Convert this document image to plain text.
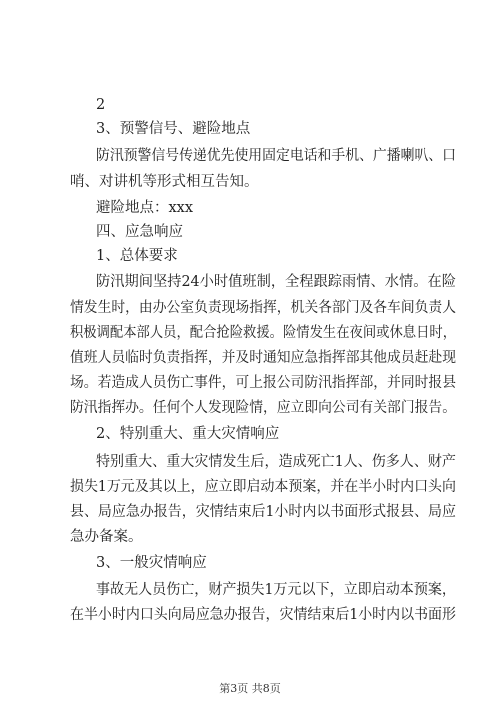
2
3、预警信号、避险地点
防汛预警信号传递优先使用固定电话和手机、广播喇叭、口
哨、对讲机等形式相互告知。
避险地点：xxx
四、应急响应
1、总体要求
防汛期间坚持24小时值班制，全程跟踪雨情、水情。在险
情发生时，由办公室负责现场指挥，机关各部门及各车间负责人
积极调配本部人员，配合抢险救援。险情发生在夜间或休息日时，
值班人员临时负责指挥，并及时通知应急指挥部其他成员赶赴现
场。若造成人员伤亡事件，可上报公司防汛指挥部，并同时报县
防汛指挥办。任何个人发现险情，应立即向公司有关部门报告。
2、特别重大、重大灾情响应
特别重大、重大灾情发生后，造成死亡1人、伤多人、财产
损失1万元及其以上，应立即启动本预案，并在半小时内口头向
县、局应急办报告，灾情结束后1小时内以书面形式报县、局应
急办备案。
3、一般灾情响应
事故无人员伤亡，财产损失1万元以下，立即启动本预案，
在半小时内口头向局应急办报告，灾情结束后1小时内以书面形
第3页 共8页
